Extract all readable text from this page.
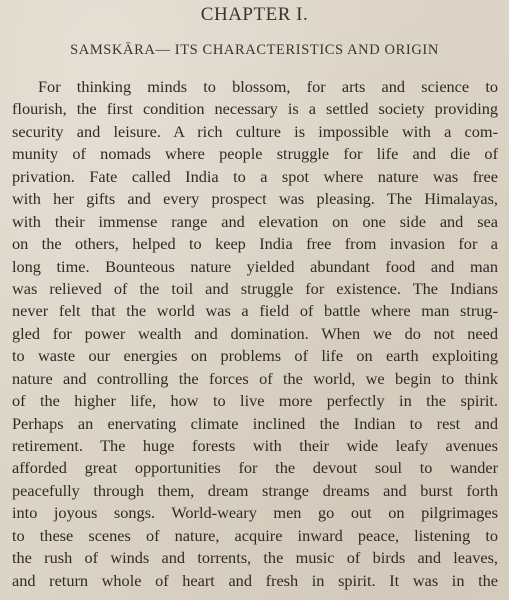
CHAPTER I.
SAMSKĀRA— ITS CHARACTERISTICS AND ORIGIN
For thinking minds to blossom, for arts and science to
flourish, the first condition necessary is a settled society providing
security and leisure. A rich culture is impossible with a com-
munity of nomads where people struggle for life and die of
privation. Fate called India to a spot where nature was free
with her gifts and every prospect was pleasing. The Himalayas,
with their immense range and elevation on one side and sea
on the others, helped to keep India free from invasion for a
long time. Bounteous nature yielded abundant food and man
was relieved of the toil and struggle for existence. The Indians
never felt that the world was a field of battle where man strug-
gled for power wealth and domination. When we do not need
to waste our energies on problems of life on earth exploiting
nature and controlling the forces of the world, we begin to think
of the higher life, how to live more perfectly in the spirit.
Perhaps an enervating climate inclined the Indian to rest and
retirement. The huge forests with their wide leafy avenues
afforded great opportunities for the devout soul to wander
peacefully through them, dream strange dreams and burst forth
into joyous songs. World-weary men go out on pilgrimages
to these scenes of nature, acquire inward peace, listening to
the rush of winds and torrents, the music of birds and leaves,
and return whole of heart and fresh in spirit. It was in the
